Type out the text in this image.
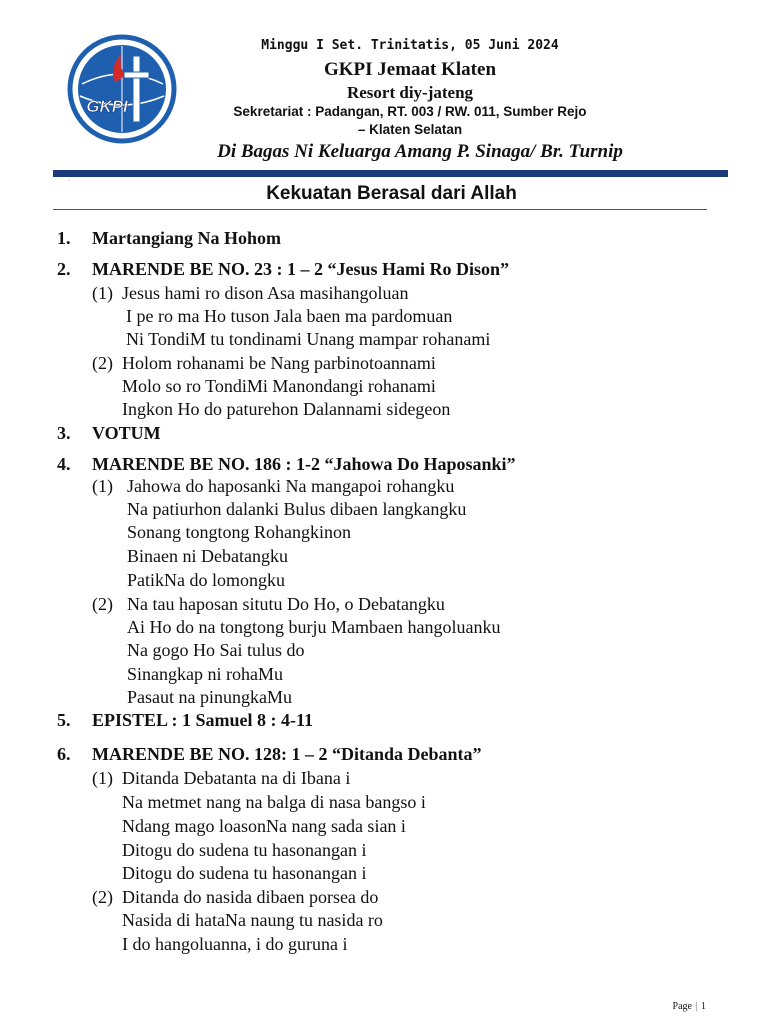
GKPI
Minggu I Set. Trinitatis, 05 Juni 2024
GKPI Jemaat Klaten
Resort diy-jateng
Sekretariat : Padangan, RT. 003 / RW. 011, Sumber Rejo
– Klaten Selatan
Di Bagas Ni Keluarga Amang P. Sinaga/ Br. Turnip
·
Kekuatan Berasal dari Allah
1. Martangiang Na Hohom
2. MARENDE BE NO. 23 : 1 – 2 “Jesus Hami Ro Dison”
(1) Jesus hami ro dison Asa masihangoluan
I pe ro ma Ho tuson Jala baen ma pardomuan
Ni TondiM tu tondinami Unang mampar rohanami
(2) Holom rohanami be Nang parbinotoannami
Molo so ro TondiMi Manondangi rohanami
Ingkon Ho do paturehon Dalannami sidegeon
3. VOTUM
4. MARENDE BE NO. 186 : 1-2 “Jahowa Do Haposanki”
(1) Jahowa do haposanki Na mangapoi rohangku
Na patiurhon dalanki Bulus dibaen langkangku
Sonang tongtong Rohangkinon
Binaen ni Debatangku
PatikNa do lomongku
(2) Na tau haposan situtu Do Ho, o Debatangku
Ai Ho do na tongtong burju Mambaen hangoluanku
Na gogo Ho Sai tulus do
Sinangkap ni rohaMu
Pasaut na pinungkaMu
5. EPISTEL : 1 Samuel 8 : 4-11
6. MARENDE BE NO. 128: 1 – 2 “Ditanda Debanta”
(1) Ditanda Debatanta na di Ibana i
Na metmet nang na balga di nasa bangso i
Ndang mago loasonNa nang sada sian i
Ditogu do sudena tu hasonangan i
Ditogu do sudena tu hasonangan i
(2) Ditanda do nasida dibaen porsea do
Nasida di hataNa naung tu nasida ro
I do hangoluanna, i do guruna i
Page | 1
